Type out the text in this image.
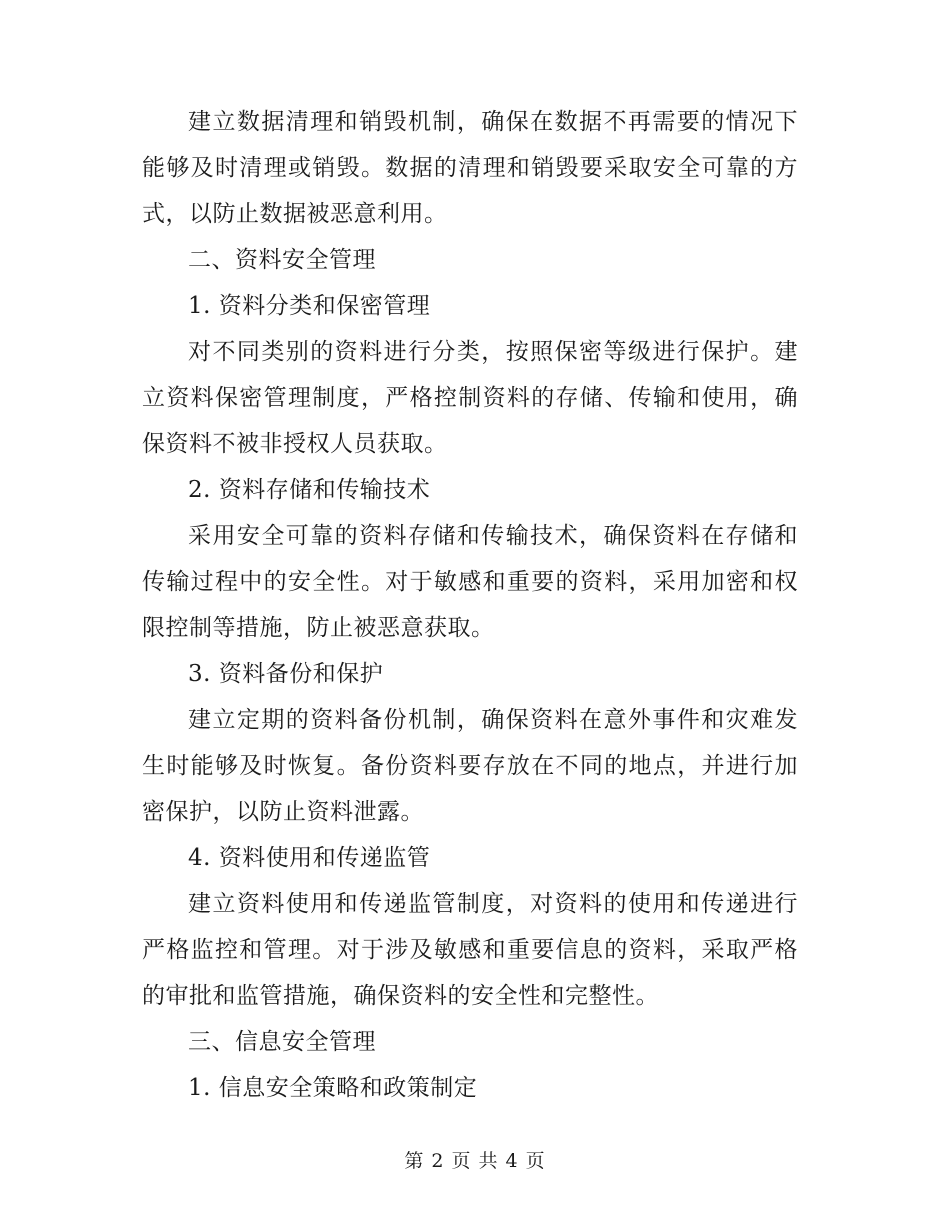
建立数据清理和销毁机制，确保在数据不再需要的情况下能够及时清理或销毁。数据的清理和销毁要采取安全可靠的方式，以防止数据被恶意利用。

二、资料安全管理

1. 资料分类和保密管理

对不同类别的资料进行分类，按照保密等级进行保护。建立资料保密管理制度，严格控制资料的存储、传输和使用，确保资料不被非授权人员获取。

2. 资料存储和传输技术

采用安全可靠的资料存储和传输技术，确保资料在存储和传输过程中的安全性。对于敏感和重要的资料，采用加密和权限控制等措施，防止被恶意获取。

3. 资料备份和保护

建立定期的资料备份机制，确保资料在意外事件和灾难发生时能够及时恢复。备份资料要存放在不同的地点，并进行加密保护，以防止资料泄露。

4. 资料使用和传递监管

建立资料使用和传递监管制度，对资料的使用和传递进行严格监控和管理。对于涉及敏感和重要信息的资料，采取严格的审批和监管措施，确保资料的安全性和完整性。

三、信息安全管理

1. 信息安全策略和政策制定

第 2 页 共 4 页
